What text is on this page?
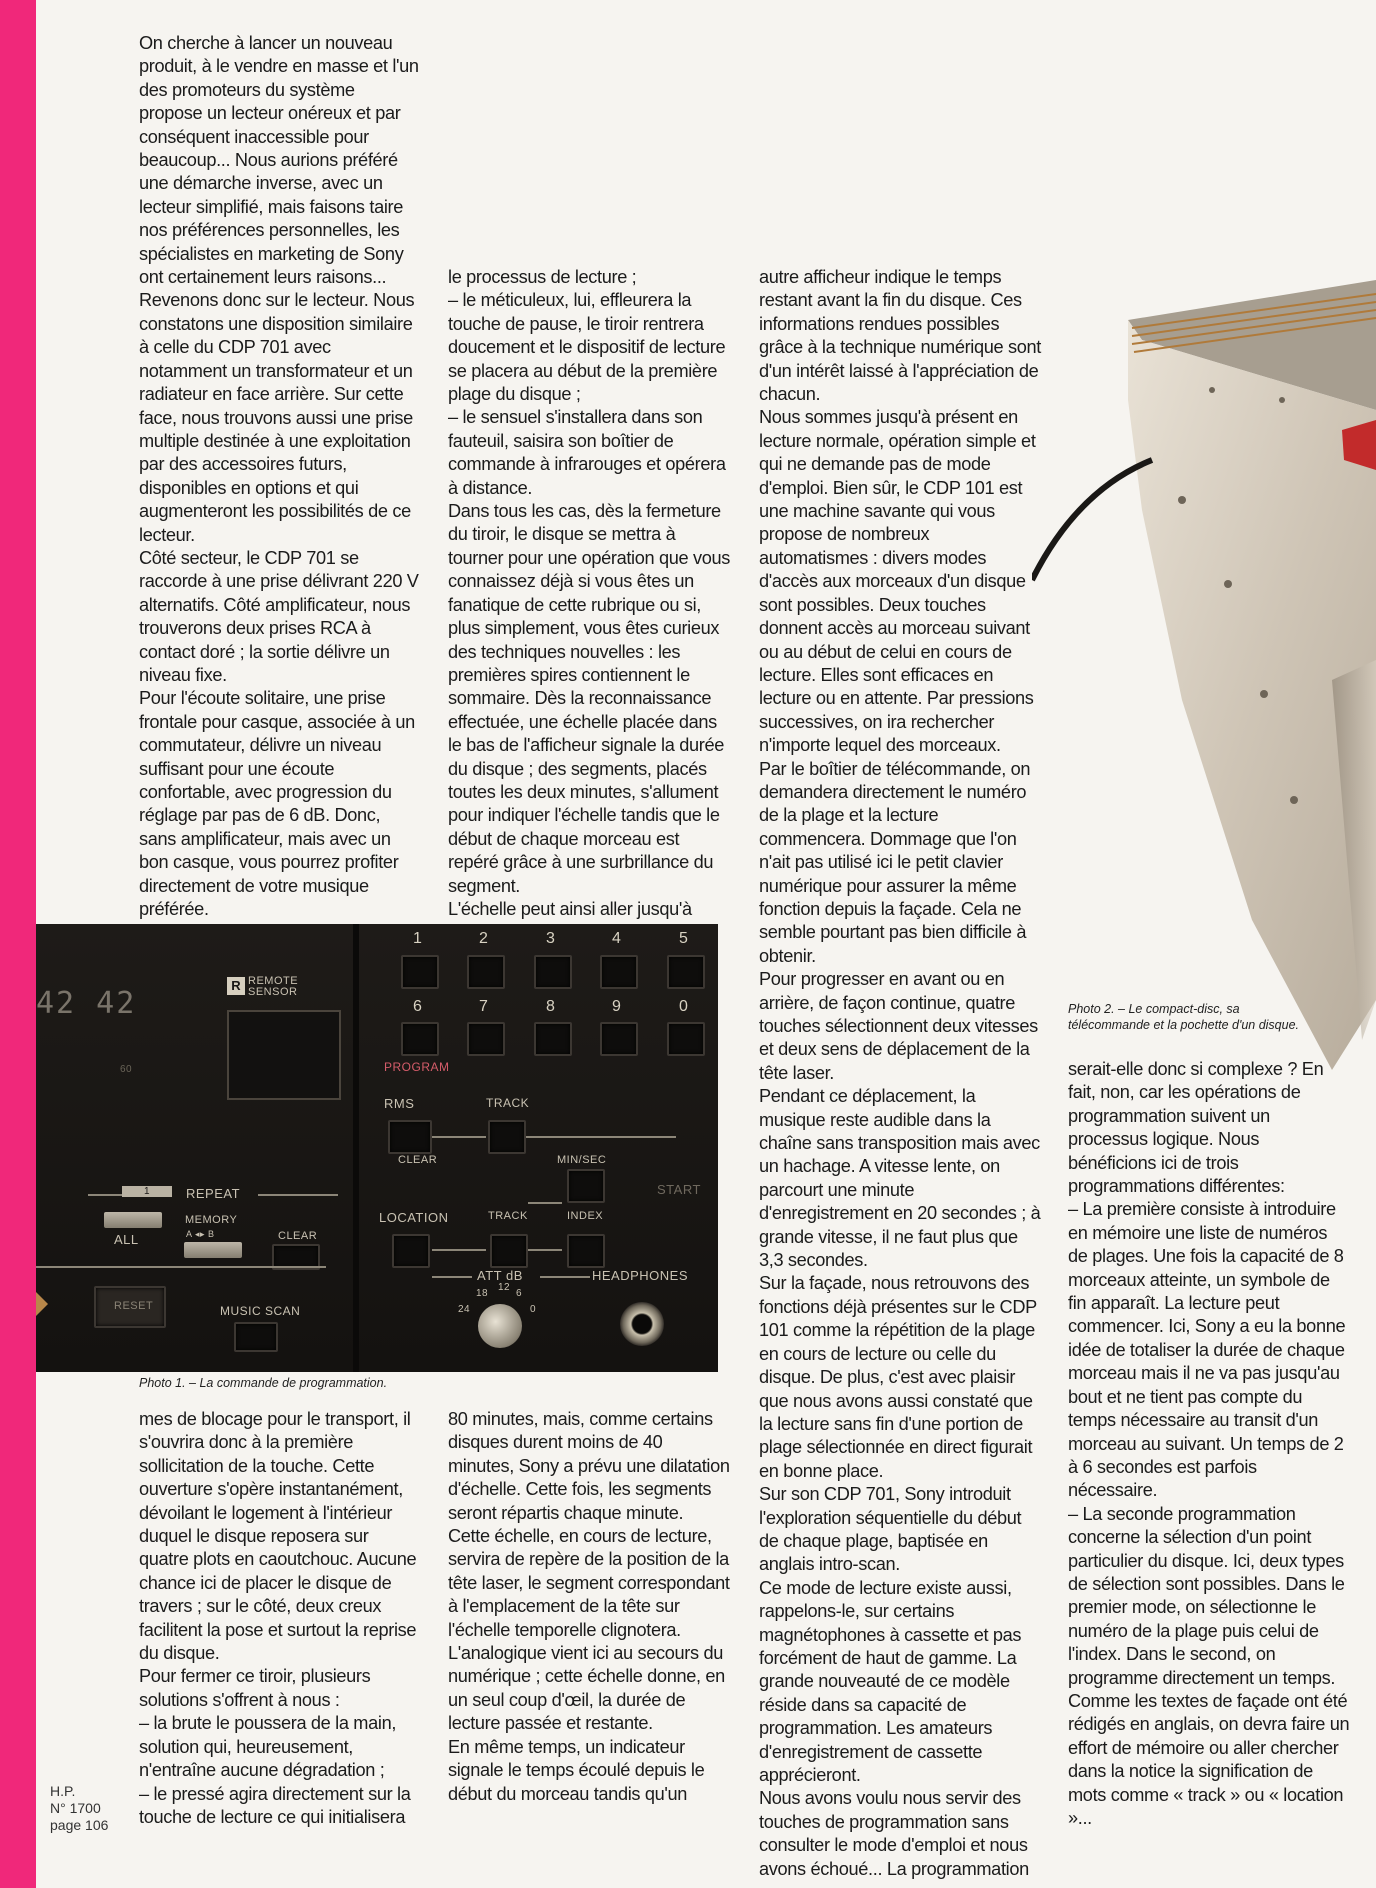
On cherche à lancer un nouveau produit, à le vendre en masse et l'un des promoteurs du système propose un lecteur onéreux et par conséquent inaccessible pour beaucoup... Nous aurions préféré une démarche inverse, avec un lecteur simplifié, mais faisons taire nos préférences personnelles, les spécialistes en marketing de Sony ont certainement leurs raisons...

Revenons donc sur le lecteur. Nous constatons une disposition similaire à celle du CDP 701 avec notamment un transformateur et un radiateur en face arrière. Sur cette face, nous trouvons aussi une prise multiple destinée à une exploitation par des accessoires futurs, disponibles en options et qui augmenteront les possibilités de ce lecteur.

Côté secteur, le CDP 701 se raccorde à une prise délivrant 220 V alternatifs. Côté amplificateur, nous trouverons deux prises RCA à contact doré ; la sortie délivre un niveau fixe.

Pour l'écoute solitaire, une prise frontale pour casque, associée à un commutateur, délivre un niveau suffisant pour une écoute confortable, avec progression du réglage par pas de 6 dB. Donc, sans amplificateur, mais avec un bon casque, vous pourrez profiter directement de votre musique préférée.

le processus de lecture ;

– le méticuleux, lui, effleurera la touche de pause, le tiroir rentrera doucement et le dispositif de lecture se placera au début de la première plage du disque ;

– le sensuel s'installera dans son fauteuil, saisira son boîtier de commande à infrarouges et opérera à distance.

Dans tous les cas, dès la fermeture du tiroir, le disque se mettra à tourner pour une opération que vous connaissez déjà si vous êtes un fanatique de cette rubrique ou si, plus simplement, vous êtes curieux des techniques nouvelles : les premières spires contiennent le sommaire. Dès la reconnaissance effectuée, une échelle placée dans le bas de l'afficheur signale la durée du disque ; des segments, placés toutes les deux minutes, s'allument pour indiquer l'échelle tandis que le début de chaque morceau est repéré grâce à une surbrillance du segment.

L'échelle peut ainsi aller jusqu'à

42 42
R REMOTE SENSOR
60
1	2	3	4	5
6	7	8	9	0
PROGRAM
RMS	TRACK
CLEAR	MIN/SEC
START
LOCATION	TRACK	INDEX
ATT dB	HEADPHONES
18
12
6
24	0
REPEAT
1
ALL
MEMORY
A ◂▸ B	CLEAR
RESET	MUSIC SCAN
Photo 1. – La commande de programmation.

mes de blocage pour le transport, il s'ouvrira donc à la première sollicitation de la touche. Cette ouverture s'opère instantanément, dévoilant le logement à l'intérieur duquel le disque reposera sur quatre plots en caoutchouc. Aucune chance ici de placer le disque de travers ; sur le côté, deux creux facilitent la pose et surtout la reprise du disque.

Pour fermer ce tiroir, plusieurs solutions s'offrent à nous :

– la brute le poussera de la main, solution qui, heureusement, n'entraîne aucune dégradation ;

– le pressé agira directement sur la touche de lecture ce qui initialisera

80 minutes, mais, comme certains disques durent moins de 40 minutes, Sony a prévu une dilatation d'échelle. Cette fois, les segments seront répartis chaque minute.

Cette échelle, en cours de lecture, servira de repère de la position de la tête laser, le segment correspondant à l'emplacement de la tête sur l'échelle temporelle clignotera.

L'analogique vient ici au secours du numérique ; cette échelle donne, en un seul coup d'œil, la durée de lecture passée et restante.

En même temps, un indicateur signale le temps écoulé depuis le début du morceau tandis qu'un

autre afficheur indique le temps restant avant la fin du disque. Ces informations rendues possibles grâce à la technique numérique sont d'un intérêt laissé à l'appréciation de chacun.

Nous sommes jusqu'à présent en lecture normale, opération simple et qui ne demande pas de mode d'emploi. Bien sûr, le CDP 101 est une machine savante qui vous propose de nombreux automatismes : divers modes d'accès aux morceaux d'un disque sont possibles. Deux touches donnent accès au morceau suivant ou au début de celui en cours de lecture. Elles sont efficaces en lecture ou en attente. Par pressions successives, on ira rechercher n'importe lequel des morceaux.

Par le boîtier de télécommande, on demandera directement le numéro de la plage et la lecture commencera. Dommage que l'on n'ait pas utilisé ici le petit clavier numérique pour assurer la même fonction depuis la façade. Cela ne semble pourtant pas bien difficile à obtenir.

Pour progresser en avant ou en arrière, de façon continue, quatre touches sélectionnent deux vitesses et deux sens de déplacement de la tête laser.

Pendant ce déplacement, la musique reste audible dans la chaîne sans transposition mais avec un hachage. A vitesse lente, on parcourt une minute d'enregistrement en 20 secondes ; à grande vitesse, il ne faut plus que 3,3 secondes.

Sur la façade, nous retrouvons des fonctions déjà présentes sur le CDP 101 comme la répétition de la plage en cours de lecture ou celle du disque. De plus, c'est avec plaisir que nous avons aussi constaté que la lecture sans fin d'une portion de plage sélectionnée en direct figurait en bonne place.

Sur son CDP 701, Sony introduit l'exploration séquentielle du début de chaque plage, baptisée en anglais intro-scan.

Ce mode de lecture existe aussi, rappelons-le, sur certains magnétophones à cassette et pas forcément de haut de gamme. La grande nouveauté de ce modèle réside dans sa capacité de programmation. Les amateurs d'enregistrement de cassette apprécieront.

Nous avons voulu nous servir des touches de programmation sans consulter le mode d'emploi et nous avons échoué... La programmation

Photo 2. – Le compact-disc, sa
télécommande et la pochette d'un disque.

serait-elle donc si complexe ? En fait, non, car les opérations de programmation suivent un processus logique. Nous bénéficions ici de trois programmations différentes:

– La première consiste à introduire en mémoire une liste de numéros de plages. Une fois la capacité de 8 morceaux atteinte, un symbole de fin apparaît. La lecture peut commencer. Ici, Sony a eu la bonne idée de totaliser la durée de chaque morceau mais il ne va pas jusqu'au bout et ne tient pas compte du temps nécessaire au transit d'un morceau au suivant. Un temps de 2 à 6 secondes est parfois nécessaire.

– La seconde programmation concerne la sélection d'un point particulier du disque. Ici, deux types de sélection sont possibles. Dans le premier mode, on sélectionne le numéro de la plage puis celui de l'index. Dans le second, on programme directement un temps. Comme les textes de façade ont été rédigés en anglais, on devra faire un effort de mémoire ou aller chercher dans la notice la signification de mots comme « track » ou « location »...

H.P.
N° 1700
page 106
